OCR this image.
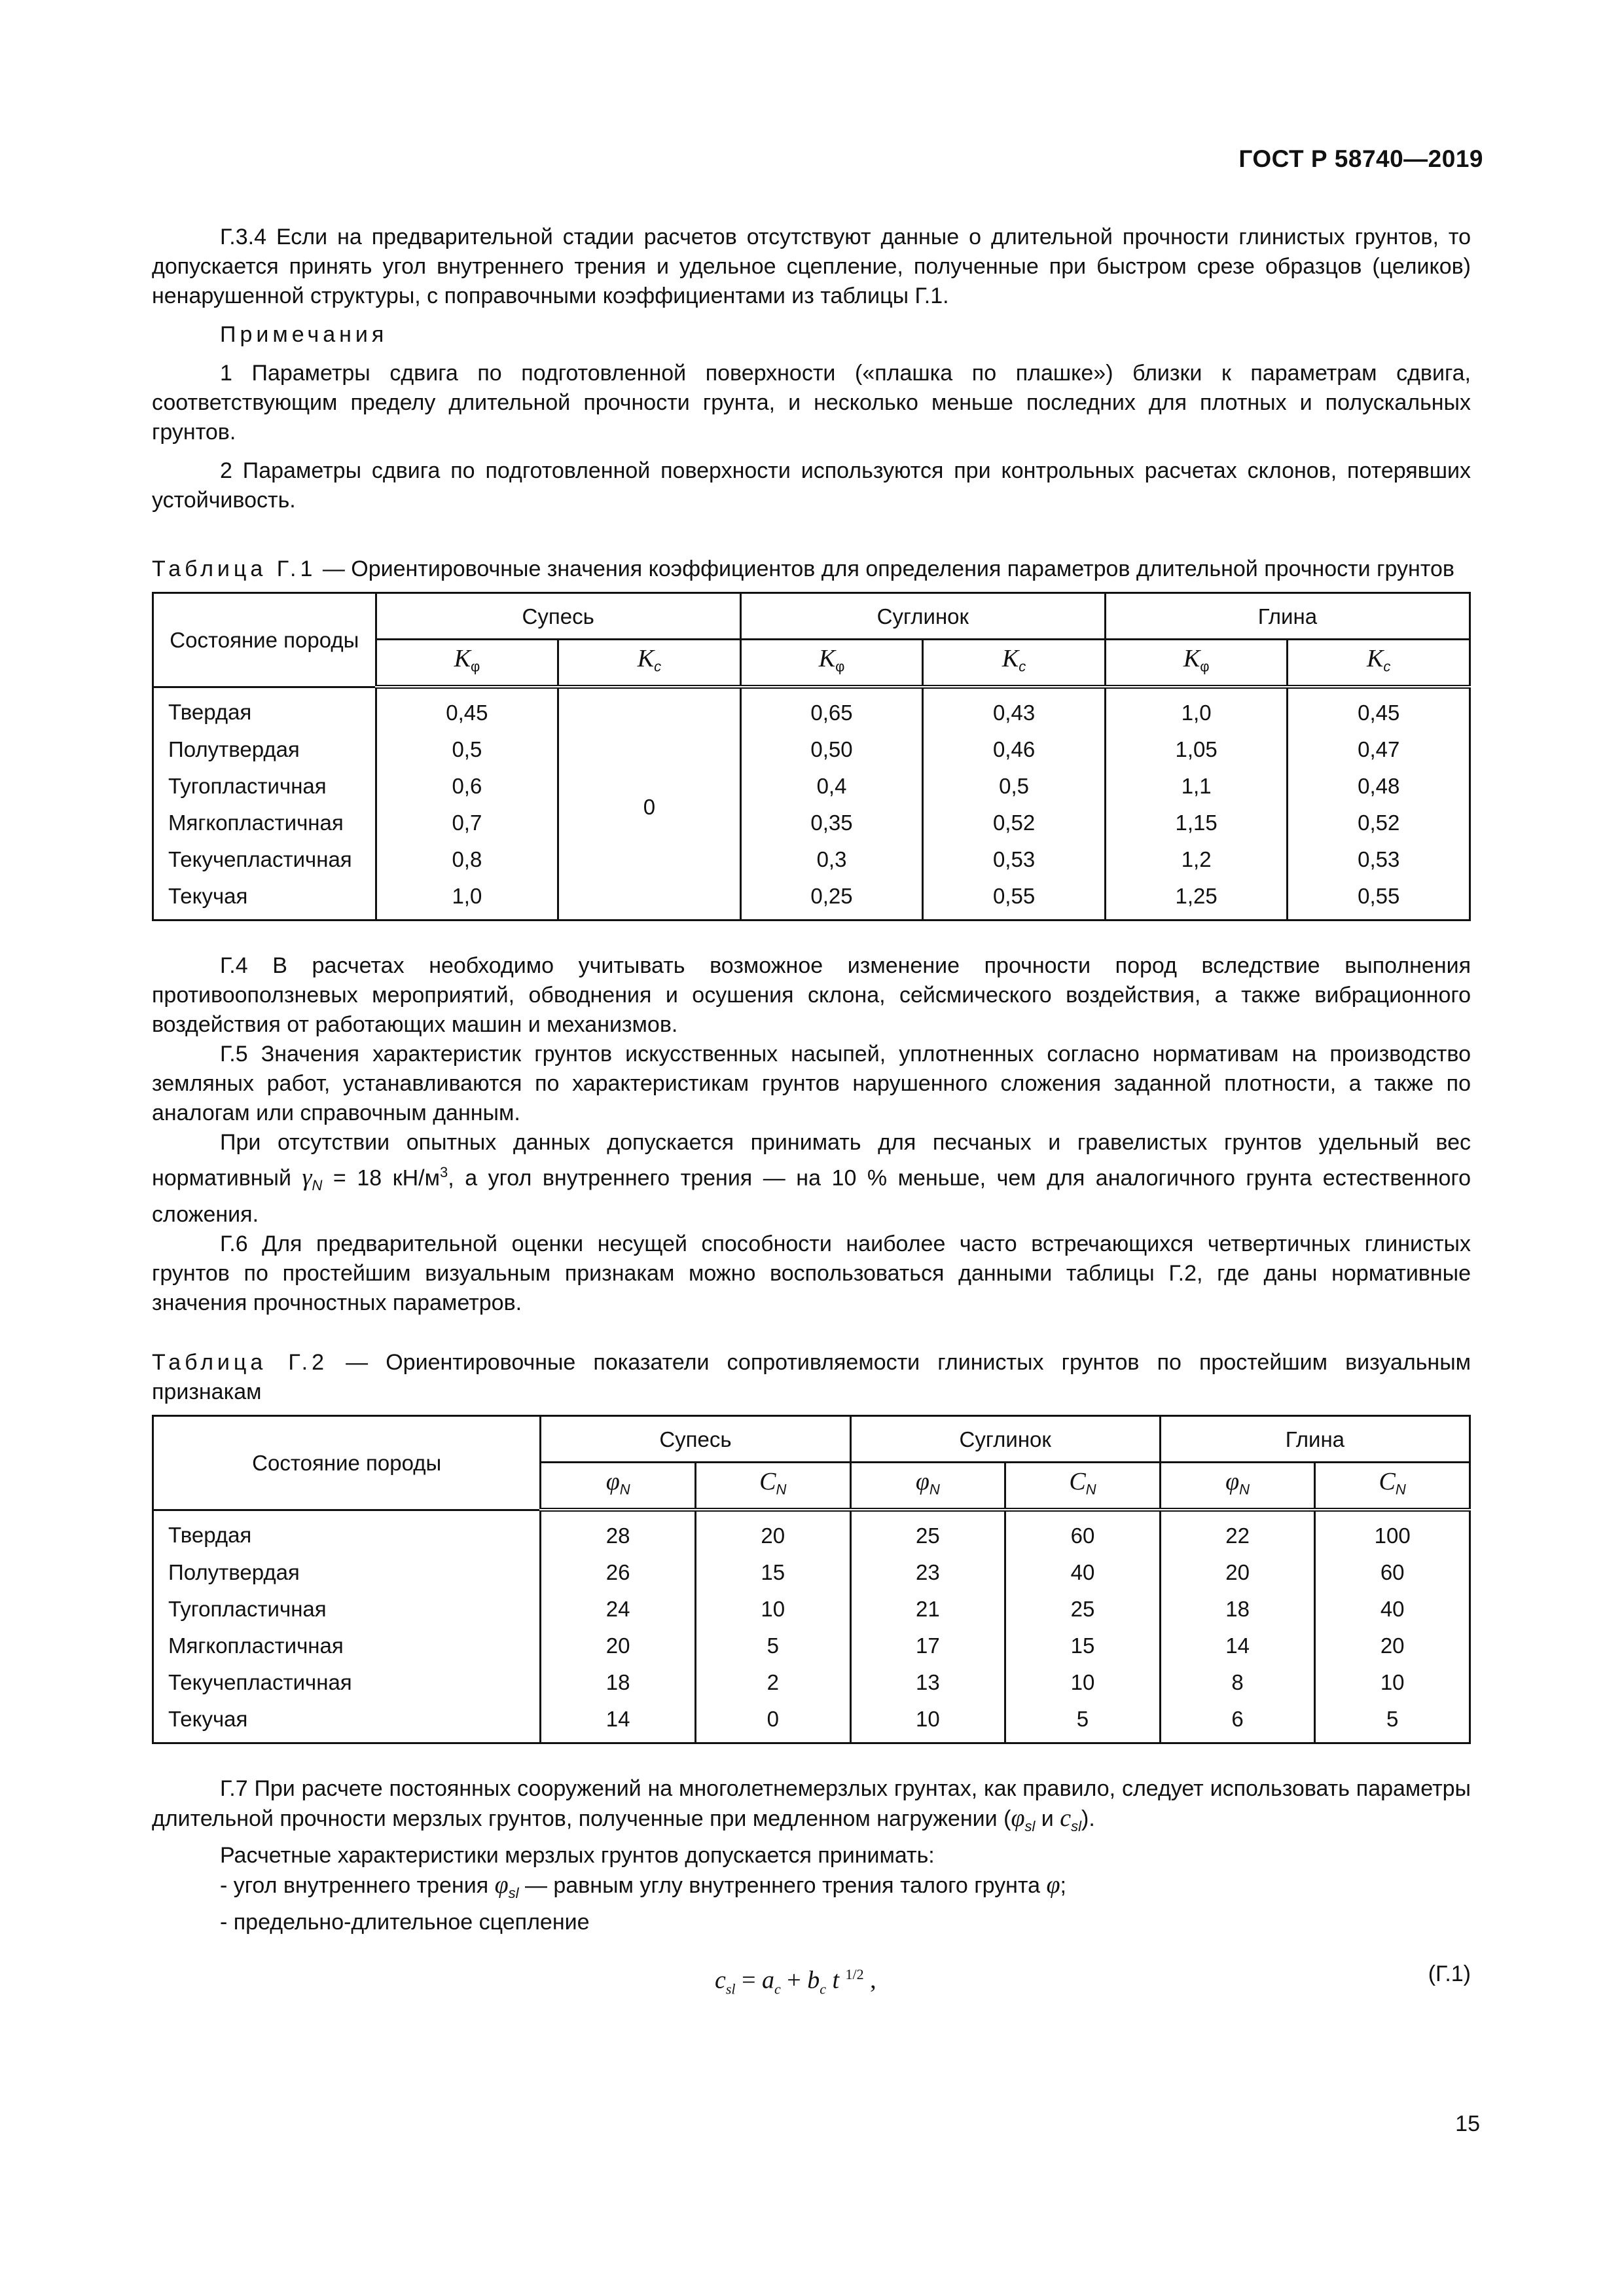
ГОСТ Р 58740—2019

Г.3.4 Если на предварительной стадии расчетов отсутствуют данные о длительной прочности глинистых грунтов, то допускается принять угол внутреннего трения и удельное сцепление, полученные при быстром срезе образцов (целиков) ненарушенной структуры, с поправочными коэффициентами из таблицы Г.1.

Примечания

1 Параметры сдвига по подготовленной поверхности («плашка по плашке») близки к параметрам сдвига, соответствующим пределу длительной прочности грунта, и несколько меньше последних для плотных и полускальных грунтов.

2 Параметры сдвига по подготовленной поверхности используются при контрольных расчетах склонов, потерявших устойчивость.

Таблица Г.1 — Ориентировочные значения коэффициентов для определения параметров длительной прочности грунтов

Состояние породы	Супесь		Суглинок		Глина	
	$K_\varphi$	$K_c$	$K_\varphi$	$K_c$	$K_\varphi$	$K_c$
Твердая	0,45	0	0,65	0,43	1,0	0,45
Полутвердая	0,5		0,50	0,46	1,05	0,47
Тугопластичная	0,6		0,4	0,5	1,1	0,48
Мягкопластичная	0,7		0,35	0,52	1,15	0,52
Текучепластичная	0,8		0,3	0,53	1,2	0,53
Текучая	1,0		0,25	0,55	1,25	0,55

Г.4 В расчетах необходимо учитывать возможное изменение прочности пород вследствие выполнения противооползневых мероприятий, обводнения и осушения склона, сейсмического воздействия, а также вибрационного воздействия от работающих машин и механизмов.

Г.5 Значения характеристик грунтов искусственных насыпей, уплотненных согласно нормативам на производство земляных работ, устанавливаются по характеристикам грунтов нарушенного сложения заданной плотности, а также по аналогам или справочным данным.

При отсутствии опытных данных допускается принимать для песчаных и гравелистых грунтов удельный вес нормативный $\gamma_N = 18$ $кН/м^3$, а угол внутреннего трения — на 10 % меньше, чем для аналогичного грунта естественного сложения.

Г.6 Для предварительной оценки несущей способности наиболее часто встречающихся четвертичных глинистых грунтов по простейшим визуальным признакам можно воспользоваться данными таблицы Г.2, где даны нормативные значения прочностных параметров.

Таблица Г.2 — Ориентировочные показатели сопротивляемости глинистых грунтов по простейшим визуальным признакам

Состояние породы	Супесь		Суглинок		Глина	
	$\varphi_N$	$C_N$	$\varphi_N$	$C_N$	$\varphi_N$	$C_N$
Твердая	28	20	25	60	22	100
Полутвердая	26	15	23	40	20	60
Тугопластичная	24	10	21	25	18	40
Мягкопластичная	20	5	17	15	14	20
Текучепластичная	18	2	13	10	8	10
Текучая	14	0	10	5	6	5

Г.7 При расчете постоянных сооружений на многолетнемерзлых грунтах, как правило, следует использовать параметры длительной прочности мерзлых грунтов, полученные при медленном нагружении ($\varphi_{sl}$ и $c_{sl}$).

Расчетные характеристики мерзлых грунтов допускается принимать:

- угол внутреннего трения $\varphi_{sl}$ — равным углу внутреннего трения талого грунта φ;

- предельно-длительное сцепление

$c_{sl} = a_c + b_c$ t $^{1/2}$ ,	(Г.1)
15
